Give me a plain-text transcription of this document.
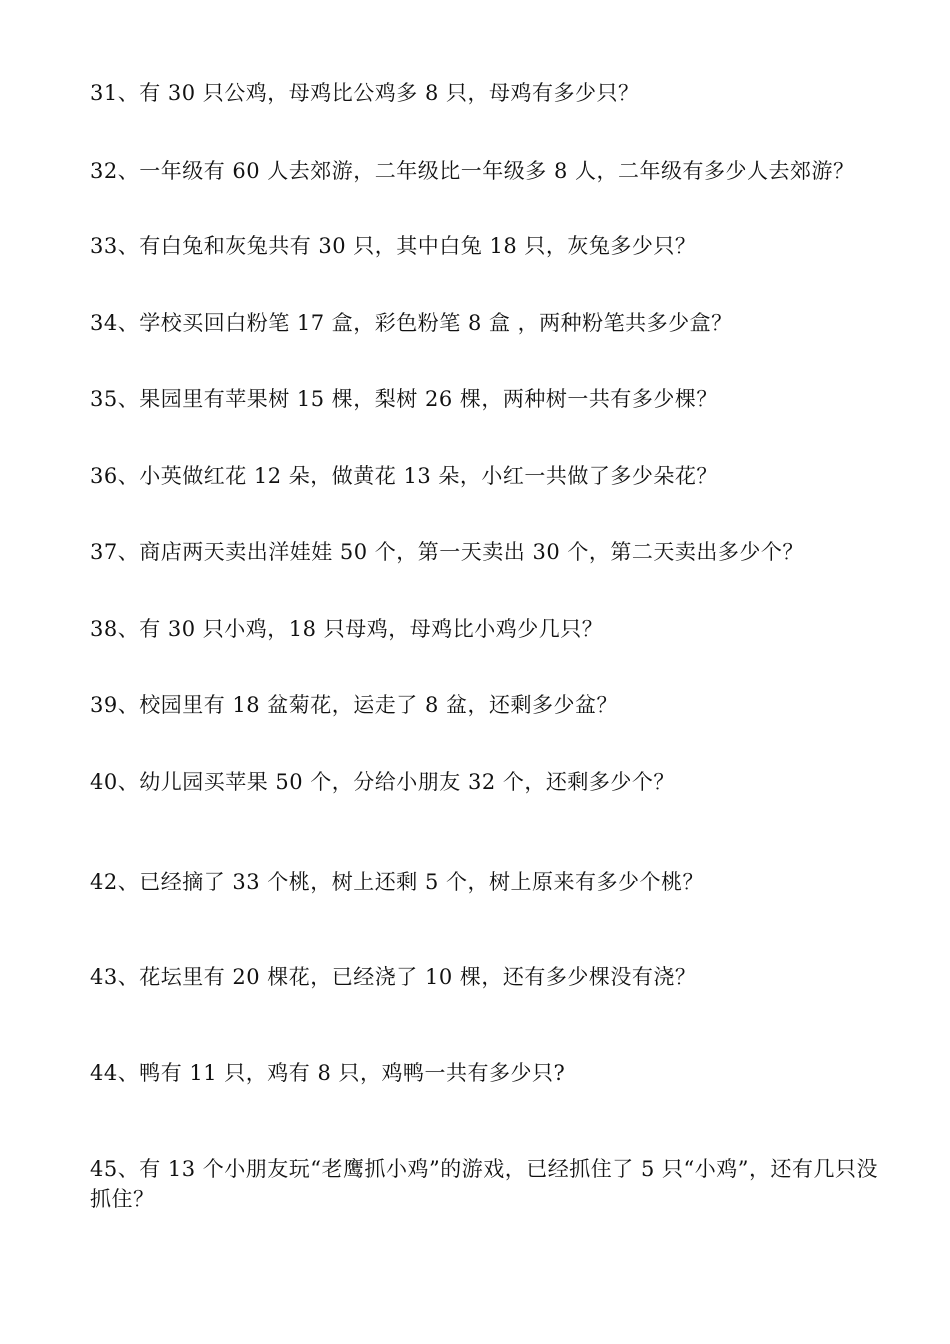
31、有 30 只公鸡，母鸡比公鸡多 8 只，母鸡有多少只？

32、一年级有 60 人去郊游，二年级比一年级多 8 人，二年级有多少人去郊游？

33、有白兔和灰兔共有 30 只，其中白兔 18 只，灰兔多少只？

34、学校买回白粉笔 17 盒，彩色粉笔 8 盒 ，两种粉笔共多少盒？

35、果园里有苹果树 15 棵，梨树 26 棵，两种树一共有多少棵？

36、小英做红花 12 朵，做黄花 13 朵，小红一共做了多少朵花？

37、商店两天卖出洋娃娃 50 个，第一天卖出 30 个，第二天卖出多少个？

38、有 30 只小鸡，18 只母鸡，母鸡比小鸡少几只？

39、校园里有 18 盆菊花，运走了 8 盆，还剩多少盆？

40、幼儿园买苹果 50 个，分给小朋友 32 个，还剩多少个？

42、已经摘了 33 个桃，树上还剩 5 个，树上原来有多少个桃？

43、花坛里有 20 棵花，已经浇了 10 棵，还有多少棵没有浇？

44、鸭有 11 只，鸡有 8 只，鸡鸭一共有多少只?

45、有 13 个小朋友玩“老鹰抓小鸡”的游戏，已经抓住了 5 只“小鸡”，还有几只没抓住？
